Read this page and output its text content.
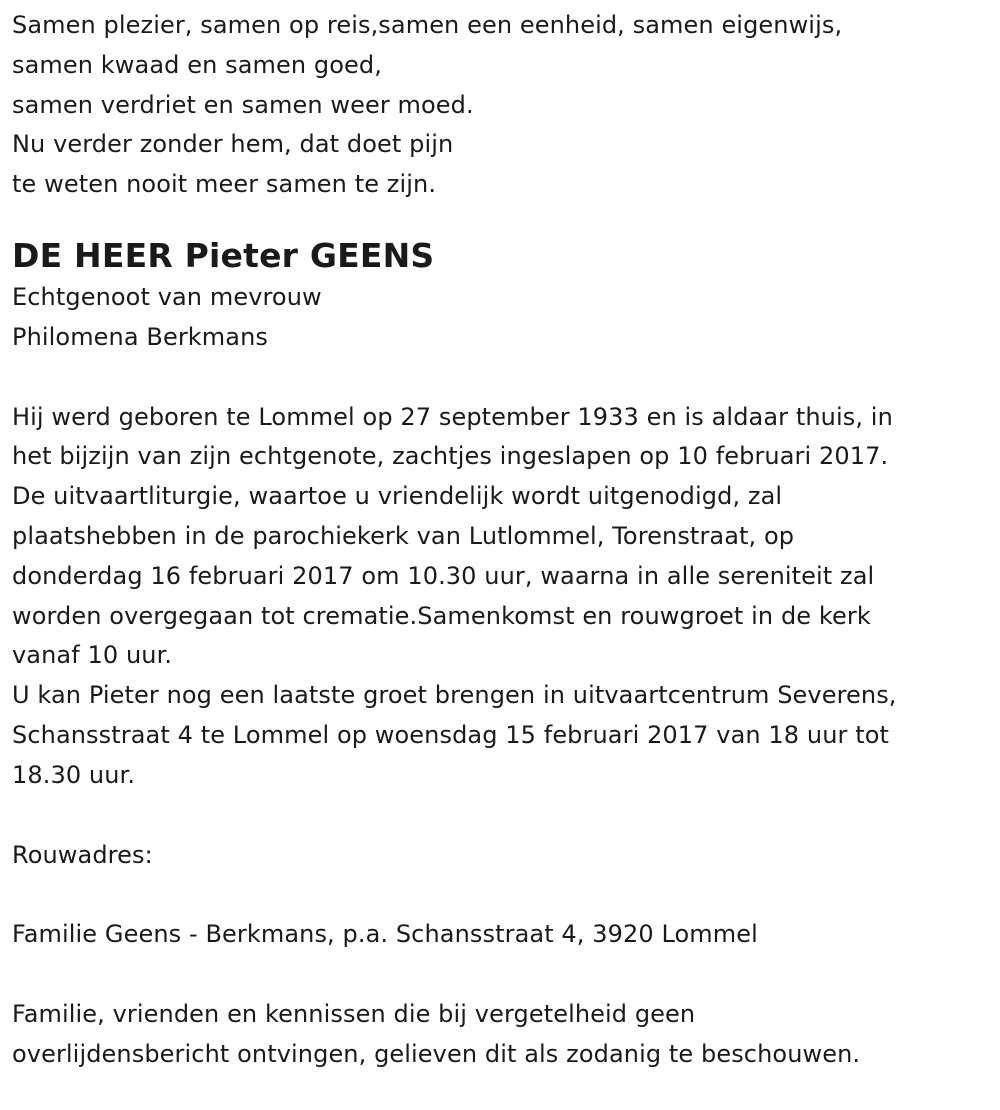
Samen plezier, samen op reis,samen een eenheid, samen eigenwijs,
samen kwaad en samen goed,
samen verdriet en samen weer moed.
Nu verder zonder hem, dat doet pijn
te weten nooit meer samen te zijn.
DE HEER Pieter GEENS
Echtgenoot van mevrouw
Philomena Berkmans
Hij werd geboren te Lommel op 27 september 1933 en is aldaar thuis, in
het bijzijn van zijn echtgenote, zachtjes ingeslapen op 10 februari 2017.
De uitvaartliturgie, waartoe u vriendelijk wordt uitgenodigd, zal
plaatshebben in de parochiekerk van Lutlommel, Torenstraat, op
donderdag 16 februari 2017 om 10.30 uur, waarna in alle sereniteit zal
worden overgegaan tot crematie.Samenkomst en rouwgroet in de kerk
vanaf 10 uur.
U kan Pieter nog een laatste groet brengen in uitvaartcentrum Severens,
Schansstraat 4 te Lommel op woensdag 15 februari 2017 van 18 uur tot
18.30 uur.
Rouwadres:
Familie Geens - Berkmans, p.a. Schansstraat 4, 3920 Lommel
Familie, vrienden en kennissen die bij vergetelheid geen
overlijdensbericht ontvingen, gelieven dit als zodanig te beschouwen.
